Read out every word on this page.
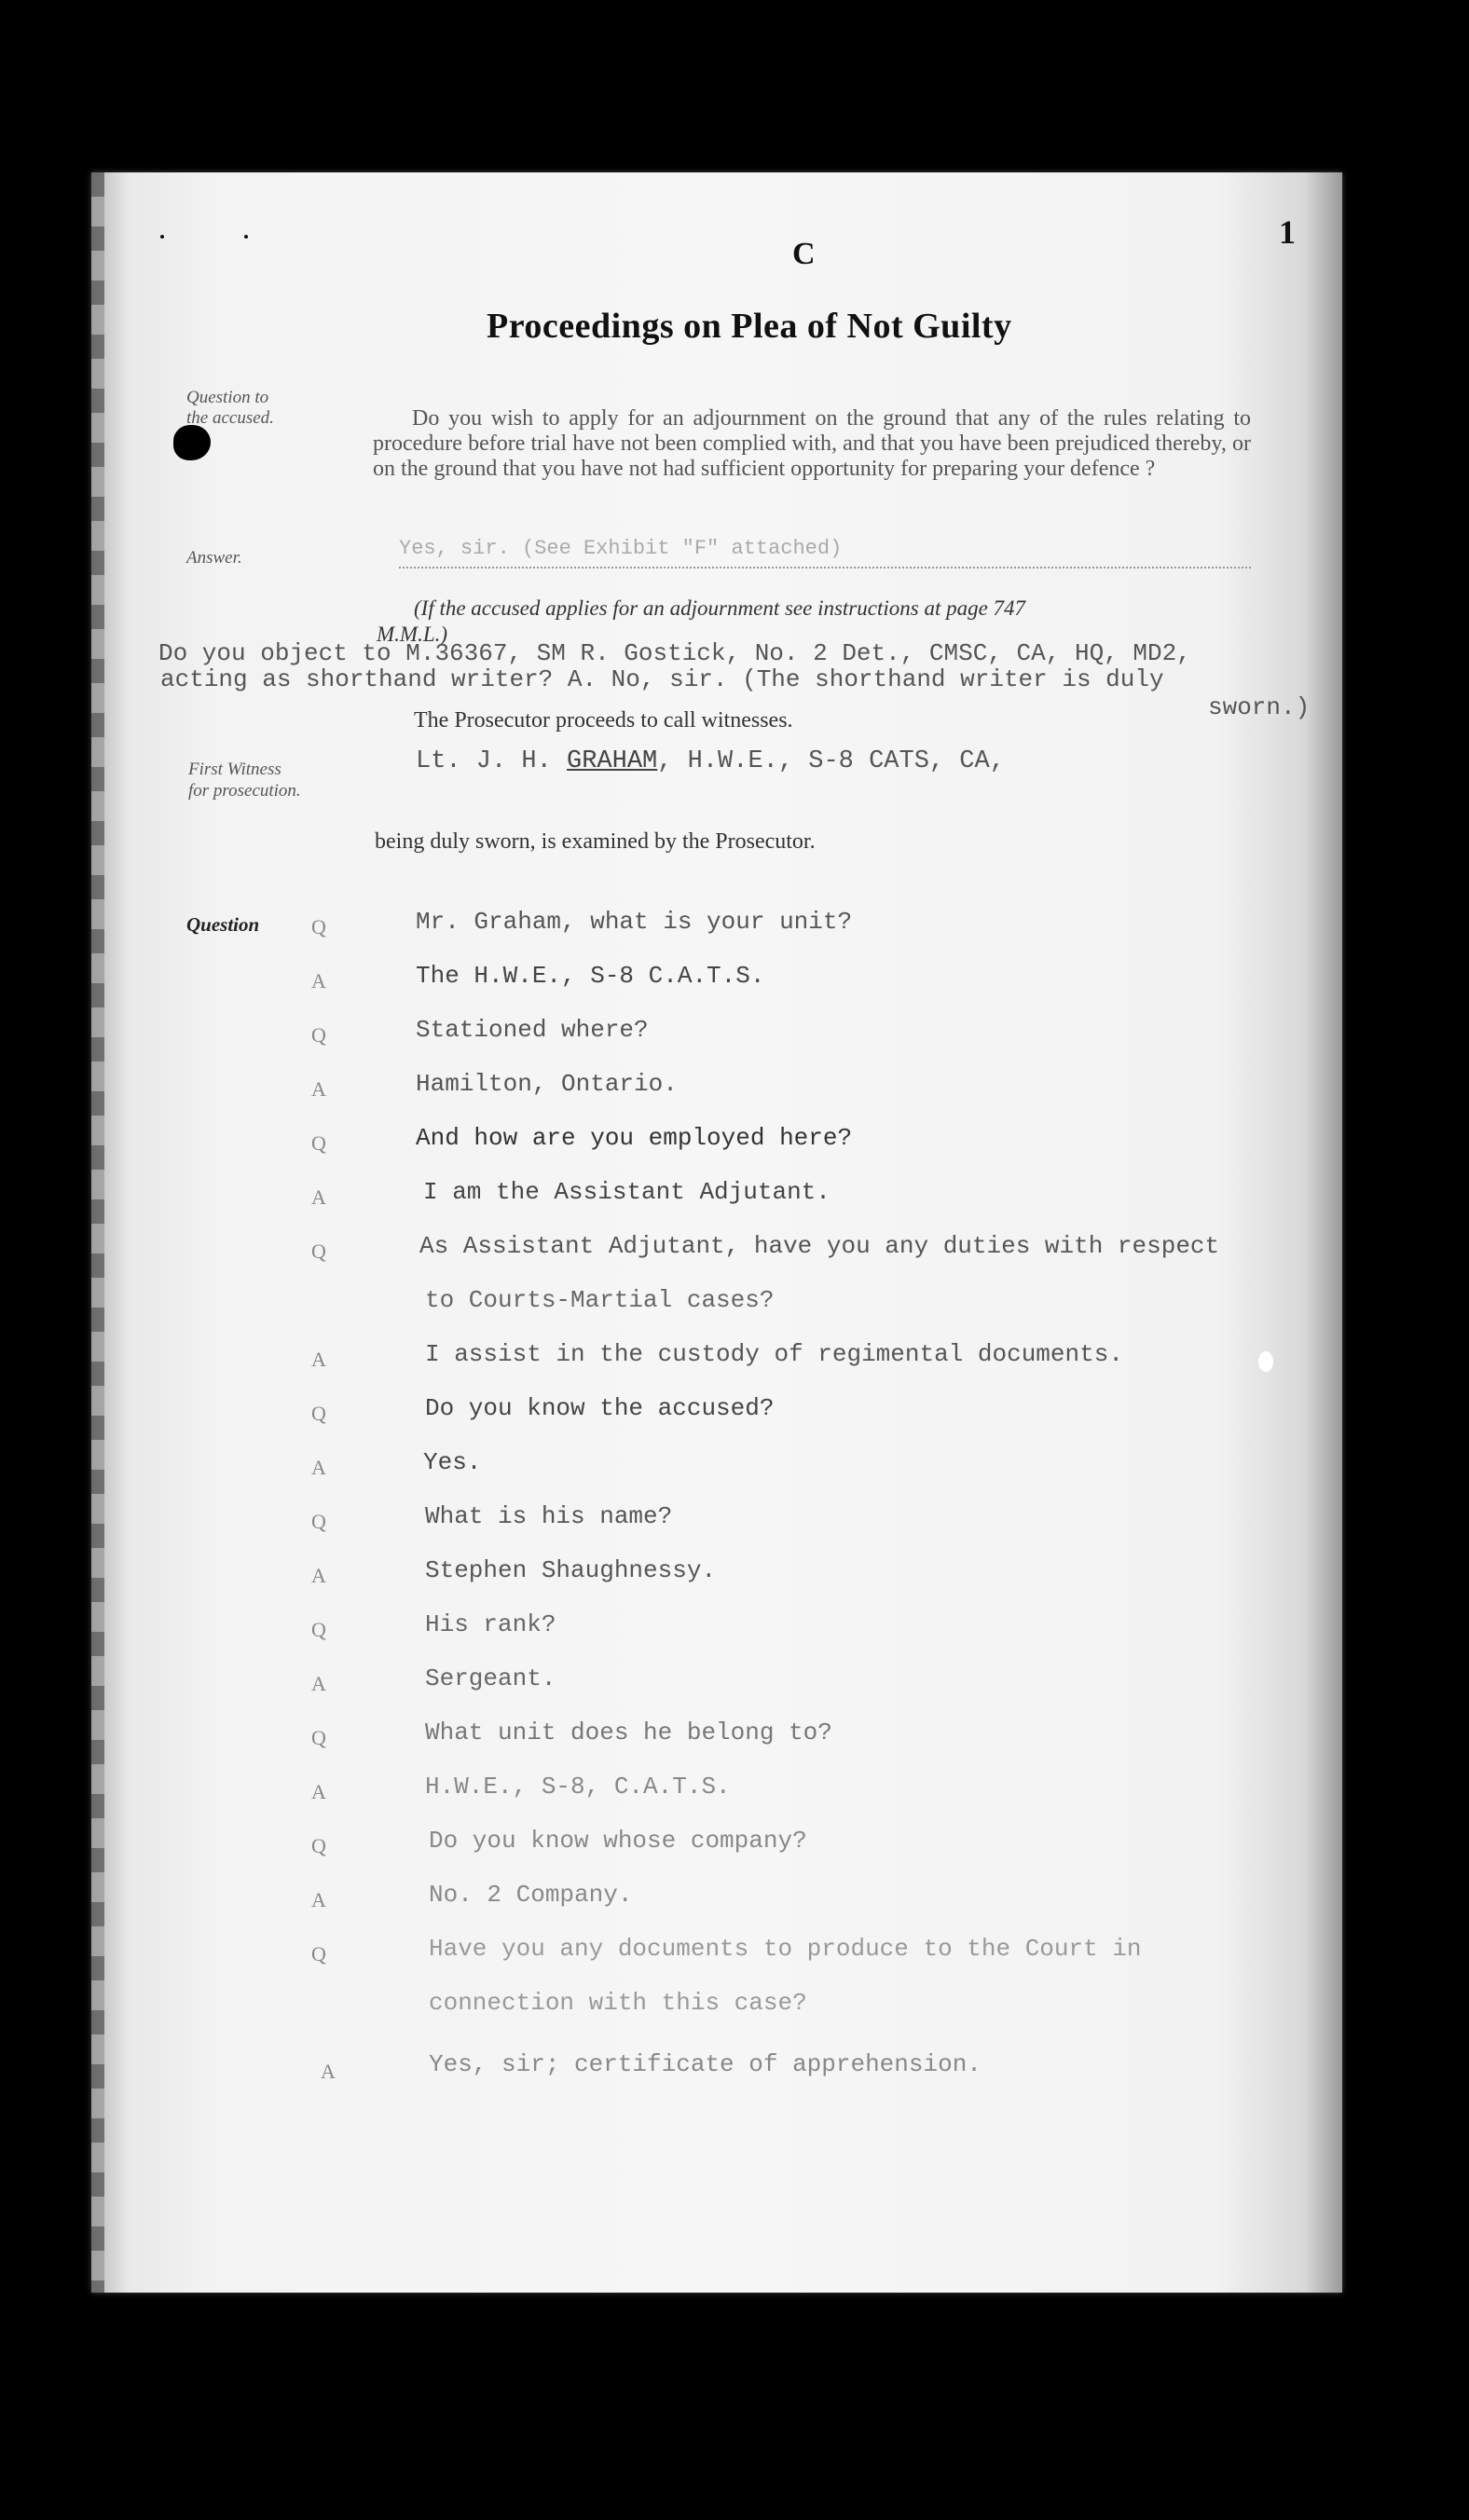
C
1
Proceedings on Plea of Not Guilty
Question to
the accused.	Do you wish to apply for an adjournment on the ground that any of the rules relating to procedure before trial have not been complied with, and that you have been prejudiced thereby, or on the ground that you have not had sufficient opportunity for preparing your defence ?
Answer.	Yes, sir. (See Exhibit "F" attached)
(If the accused applies for an adjournment see instructions at page 747
M.M.L.)
Do you object to M.36367, SM R. Gostick, No. 2 Det., CMSC, CA, HQ, MD2,
acting as shorthand writer? A. No, sir. (The shorthand writer is duly
sworn.)
The Prosecutor proceeds to call witnesses.
First Witness
for prosecution.
Lt. J. H. GRAHAM, H.W.E., S-8 CATS, CA,
being duly sworn, is examined by the Prosecutor.
Question	Q	Mr. Graham, what is your unit?
A	The H.W.E., S-8 C.A.T.S.
Q	Stationed where?
A	Hamilton, Ontario.
Q	And how are you employed here?
A	I am the Assistant Adjutant.
Q	As Assistant Adjutant, have you any duties with respect
to Courts-Martial cases?
A	I assist in the custody of regimental documents.
Q	Do you know the accused?
A	Yes.
Q	What is his name?
A	Stephen Shaughnessy.
Q	His rank?
A	Sergeant.
Q	What unit does he belong to?
A	H.W.E., S-8, C.A.T.S.
Q	Do you know whose company?
A	No. 2 Company.
Q	Have you any documents to produce to the Court in
connection with this case?
A	Yes, sir; certificate of apprehension.
